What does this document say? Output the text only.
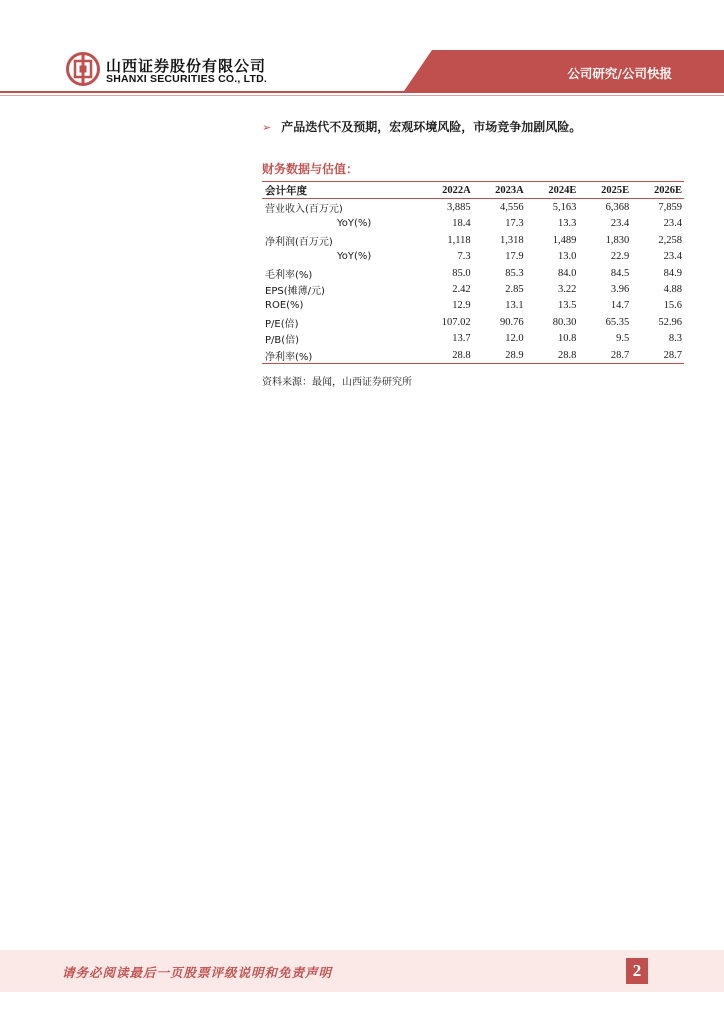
山西证券股份有限公司
SHANXI SECURITIES CO., LTD.	公司研究/公司快报
➢ 产品迭代不及预期，宏观环境风险，市场竞争加剧风险。
财务数据与估值：
会计年度	2022A	2023A	2024E	2025E	2026E
营业收入(百万元)	3,885	4,556	5,163	6,368	7,859
YoY(%)	18.4	17.3	13.3	23.4	23.4
净利润(百万元)	1,118	1,318	1,489	1,830	2,258
YoY(%)	7.3	17.9	13.0	22.9	23.4
毛利率(%)	85.0	85.3	84.0	84.5	84.9
EPS(摊薄/元)	2.42	2.85	3.22	3.96	4.88
ROE(%)	12.9	13.1	13.5	14.7	15.6
P/E(倍)	107.02	90.76	80.30	65.35	52.96
P/B(倍)	13.7	12.0	10.8	9.5	8.3
净利率(%)	28.8	28.9	28.8	28.7	28.7
资料来源：最闻，山西证券研究所
请务必阅读最后一页股票评级说明和免责声明	2
